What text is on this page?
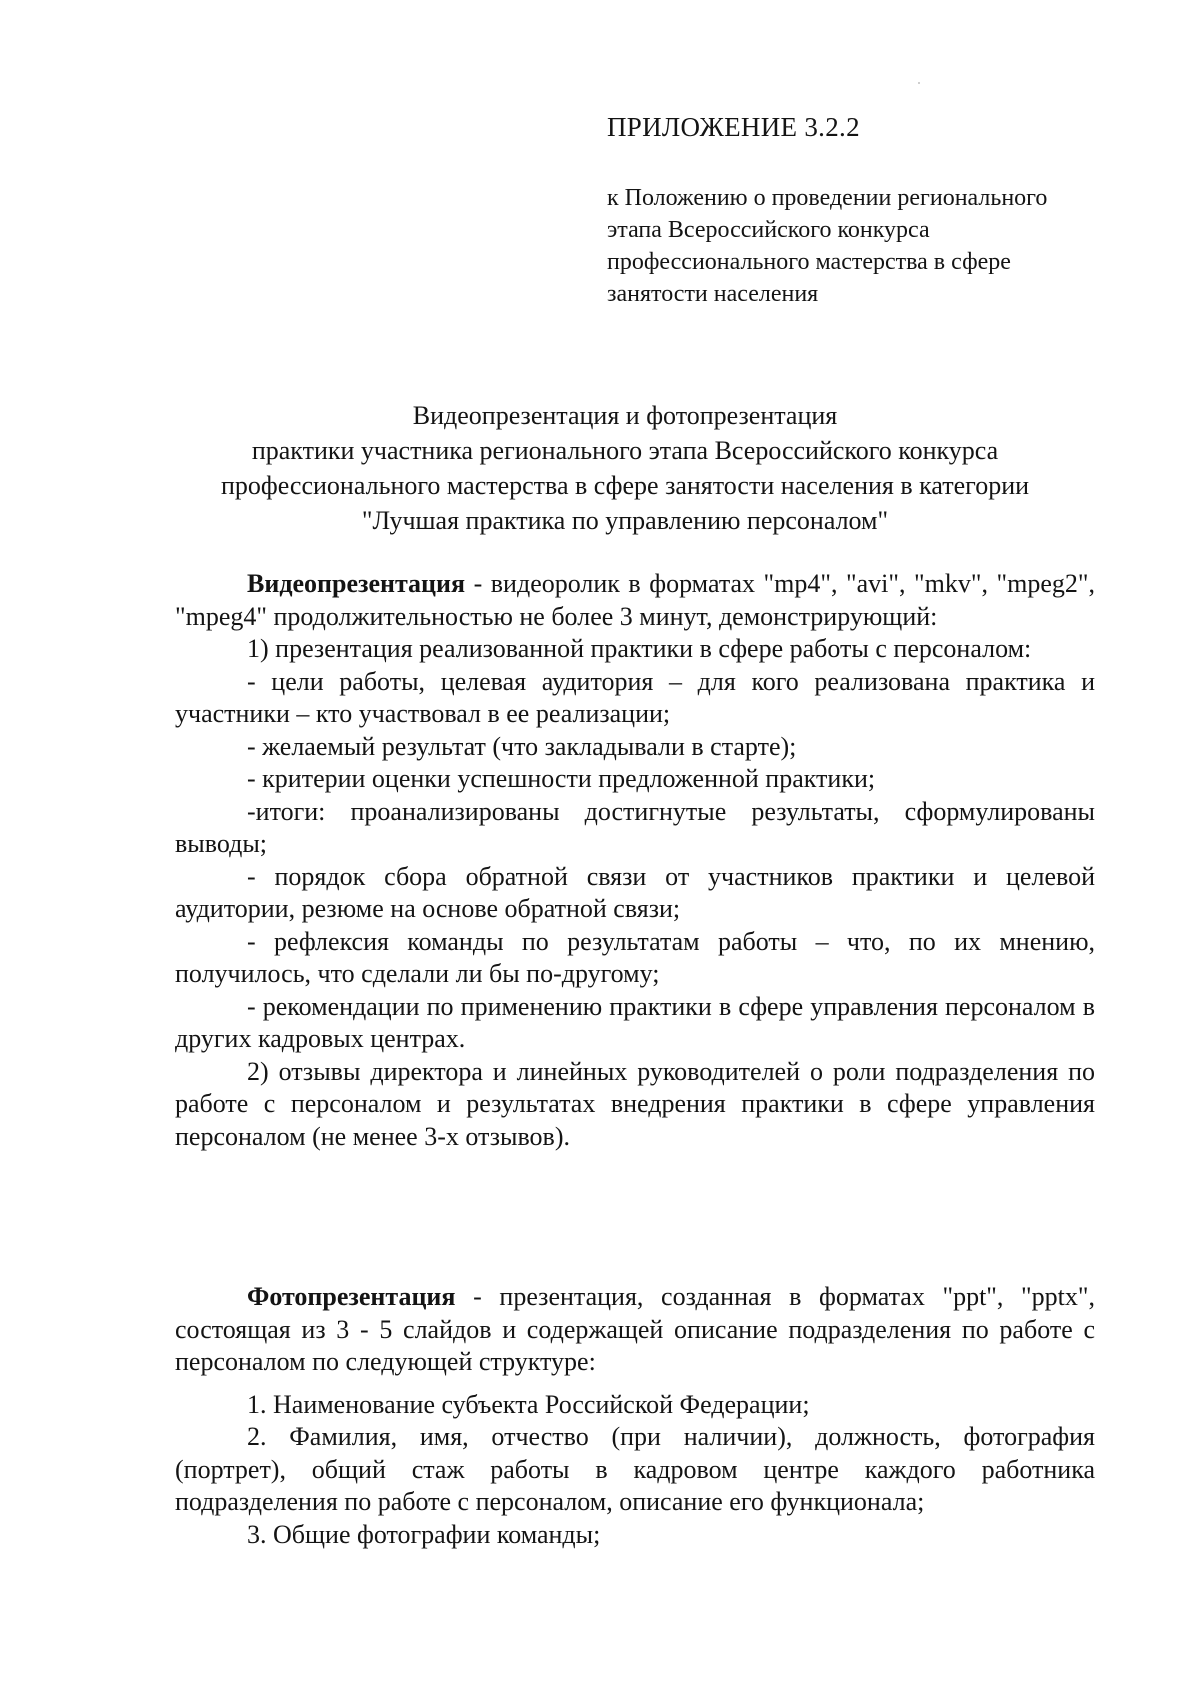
ПРИЛОЖЕНИЕ 3.2.2
к Положению о проведении регионального
этапа Всероссийского конкурса
профессионального мастерства в сфере
занятости населения
Видеопрезентация и фотопрезентация
практики участника регионального этапа Всероссийского конкурса
профессионального мастерства в сфере занятости населения в категории
"Лучшая практика по управлению персоналом"

Видеопрезентация - видеоролик в форматах "mp4", "avi", "mkv", "mpeg2", "mpeg4" продолжительностью не более 3 минут, демонстрирующий:

1) презентация реализованной практики в сфере работы с персоналом:

- цели работы, целевая аудитория – для кого реализована практика и участники – кто участвовал в ее реализации;

- желаемый результат (что закладывали в старте);

- критерии оценки успешности предложенной практики;

-итоги: проанализированы достигнутые результаты, сформулированы выводы;

- порядок сбора обратной связи от участников практики и целевой аудитории, резюме на основе обратной связи;

- рефлексия команды по результатам работы – что, по их мнению, получилось, что сделали ли бы по-другому;

- рекомендации по применению практики в сфере управления персоналом в других кадровых центрах.

2) отзывы директора и линейных руководителей о роли подразделения по работе с персоналом и результатах внедрения практики в сфере управления персоналом (не менее 3-х отзывов).

Фотопрезентация - презентация, созданная в форматах "ppt", "pptx", состоящая из 3 - 5 слайдов и содержащей описание подразделения по работе с персоналом по следующей структуре:

1. Наименование субъекта Российской Федерации;

2. Фамилия, имя, отчество (при наличии), должность, фотография (портрет), общий стаж работы в кадровом центре каждого работника подразделения по работе с персоналом, описание его функционала;

3. Общие фотографии команды;
